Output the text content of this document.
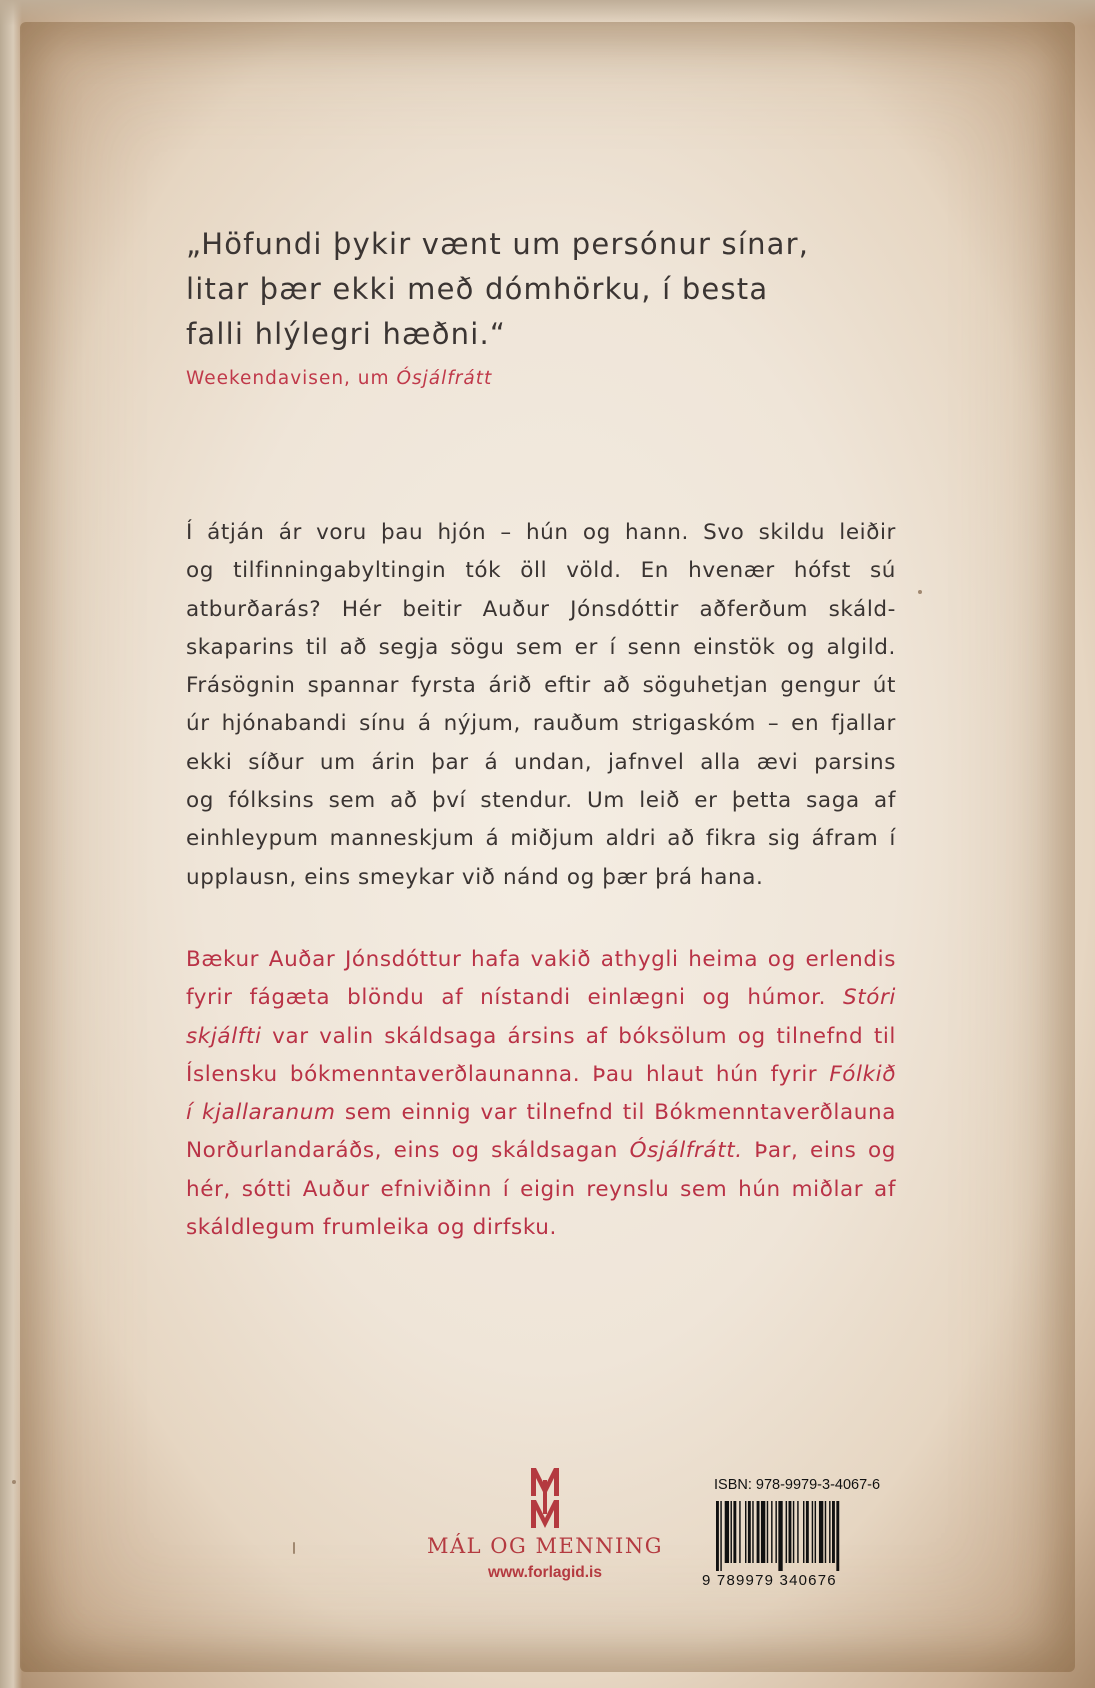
„Höfundi þykir vænt um persónur sínar,

litar þær ekki með dómhörku, í besta

falli hlýlegri hæðni.“

Weekendavisen, um Ósjálfrátt
Í átján ár voru þau hjón – hún og hann. Svo skildu leiðir
og tilfinningabyltingin tók öll völd. En hvenær hófst sú
atburðarás? Hér beitir Auður Jónsdóttir aðferðum skáld-
skaparins til að segja sögu sem er í senn einstök og algild.
Frásögnin spannar fyrsta árið eftir að söguhetjan gengur út
úr hjónabandi sínu á nýjum, rauðum strigaskóm – en fjallar
ekki síður um árin þar á undan, jafnvel alla ævi parsins
og fólksins sem að því stendur. Um leið er þetta saga af
einhleypum manneskjum á miðjum aldri að fikra sig áfram í
upplausn, eins smeykar við nánd og þær þrá hana.
Bækur Auðar Jónsdóttur hafa vakið athygli heima og erlendis
fyrir fágæta blöndu af nístandi einlægni og húmor. Stóri
skjálfti var valin skáldsaga ársins af bóksölum og tilnefnd til
Íslensku bókmenntaverðlaunanna. Þau hlaut hún fyrir Fólkið
í kjallaranum sem einnig var tilnefnd til Bókmenntaverðlauna
Norðurlandaráðs, eins og skáldsagan Ósjálfrátt. Þar, eins og
hér, sótti Auður efniviðinn í eigin reynslu sem hún miðlar af
skáldlegum frumleika og dirfsku.
MÁL OG MENNING
www.forlagid.is
ISBN: 978-9979-3-4067-6
9 789979 340676
